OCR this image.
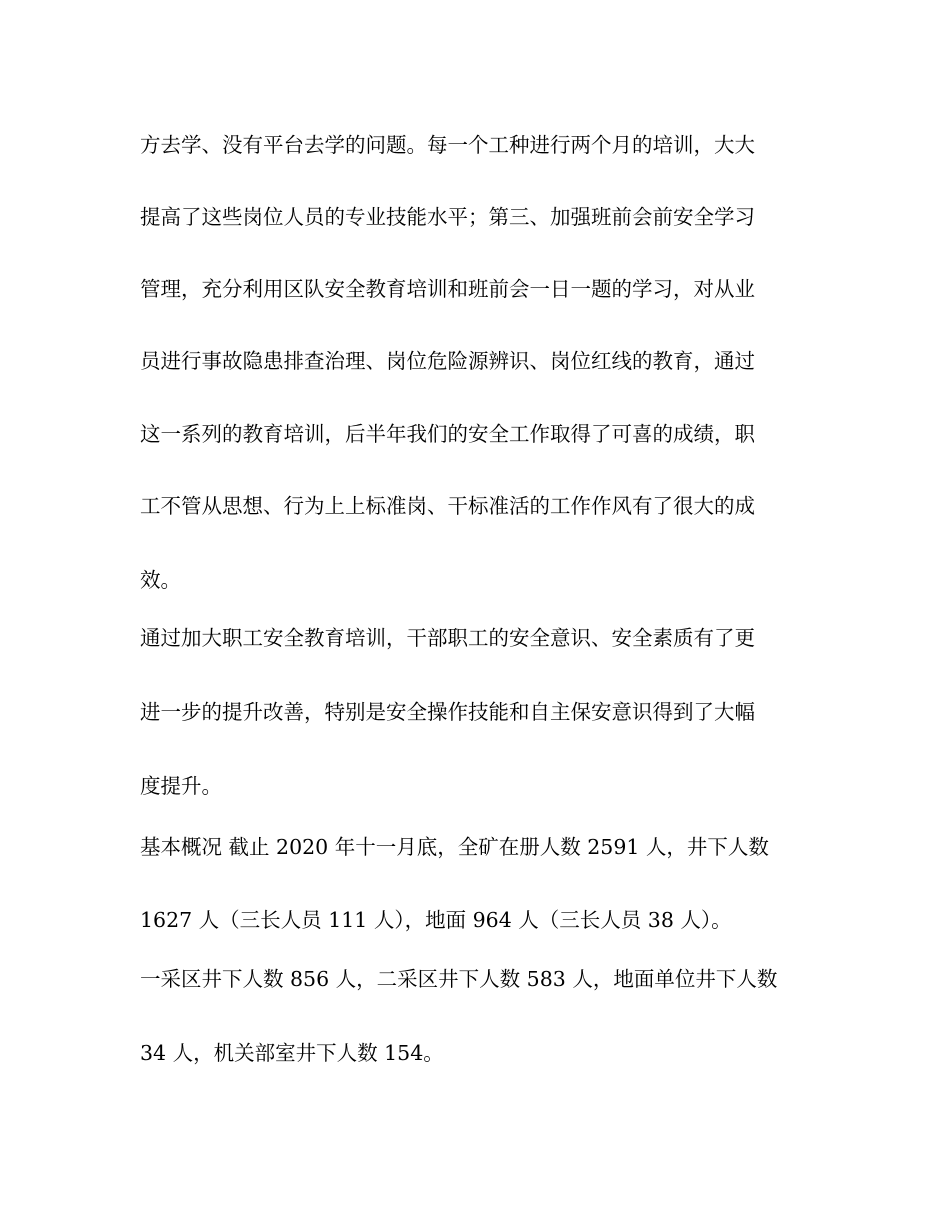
方去学、没有平台去学的问题。每一个工种进行两个月的培训，大大
提高了这些岗位人员的专业技能水平；第三、加强班前会前安全学习
管理，充分利用区队安全教育培训和班前会一日一题的学习，对从业
员进行事故隐患排查治理、岗位危险源辨识、岗位红线的教育，通过
这一系列的教育培训，后半年我们的安全工作取得了可喜的成绩，职
工不管从思想、行为上上标准岗、干标准活的工作作风有了很大的成
效。
通过加大职工安全教育培训，干部职工的安全意识、安全素质有了更
进一步的提升改善，特别是安全操作技能和自主保安意识得到了大幅
度提升。
基本概况 截止 2020 年十一月底，全矿在册人数 2591 人，井下人数
1627 人（三长人员 111 人），地面 964 人（三长人员 38 人）。
一采区井下人数 856 人，二采区井下人数 583 人，地面单位井下人数
34 人，机关部室井下人数 154。
